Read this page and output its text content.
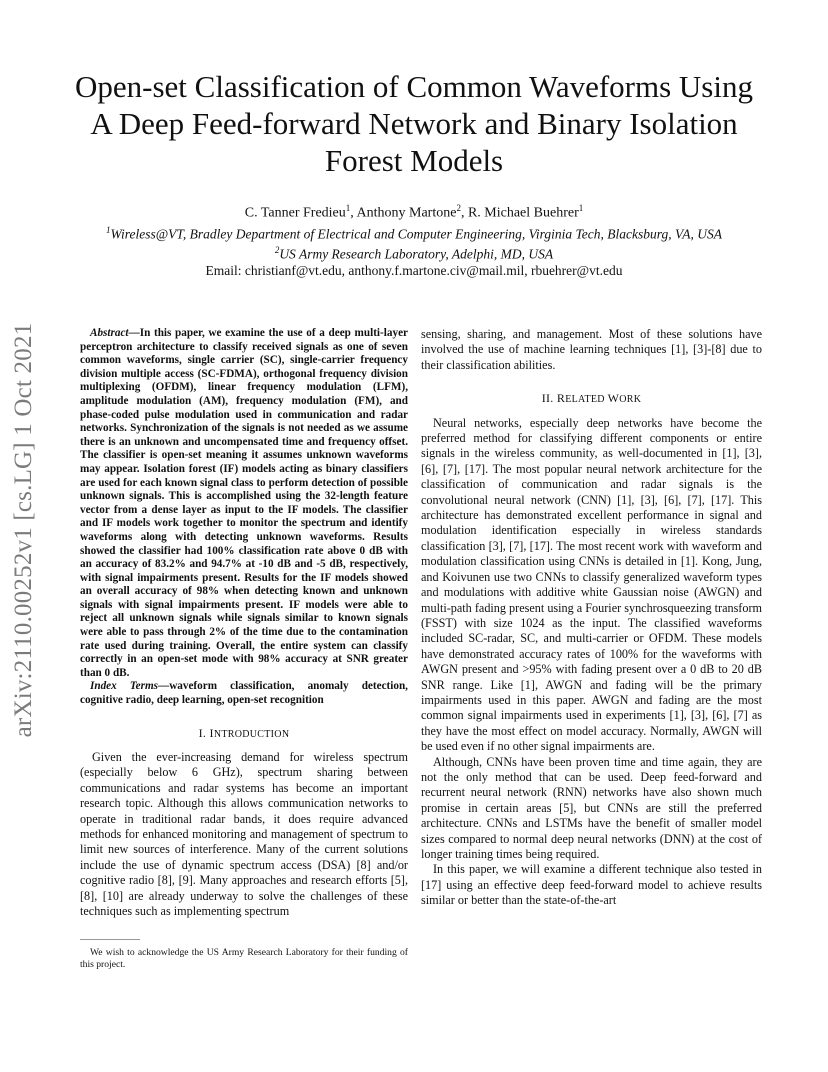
arXiv:2110.00252v1 [cs.LG] 1 Oct 2021
Open-set Classification of Common Waveforms Using A Deep Feed-forward Network and Binary Isolation Forest Models
C. Tanner Fredieu$^1$, Anthony Martone$^2$, R. Michael Buehrer$^1$
$^1$Wireless@VT, Bradley Department of Electrical and Computer Engineering, Virginia Tech, Blacksburg, VA, USA
$^2$US Army Research Laboratory, Adelphi, MD, USA
Email: christianf@vt.edu, anthony.f.martone.civ@mail.mil, rbuehrer@vt.edu

Abstract—In this paper, we examine the use of a deep multi-layer perceptron architecture to classify received signals as one of seven common waveforms, single carrier (SC), single-carrier frequency division multiple access (SC-FDMA), orthogonal frequency division multiplexing (OFDM), linear frequency modulation (LFM), amplitude modulation (AM), frequency modulation (FM), and phase-coded pulse modulation used in communication and radar networks. Synchronization of the signals is not needed as we assume there is an unknown and uncompensated time and frequency offset. The classifier is open-set meaning it assumes unknown waveforms may appear. Isolation forest (IF) models acting as binary classifiers are used for each known signal class to perform detection of possible unknown signals. This is accomplished using the 32-length feature vector from a dense layer as input to the IF models. The classifier and IF models work together to monitor the spectrum and identify waveforms along with detecting unknown waveforms. Results showed the classifier had 100% classification rate above 0 dB with an accuracy of 83.2% and 94.7% at -10 dB and -5 dB, respectively, with signal impairments present. Results for the IF models showed an overall accuracy of 98% when detecting known and unknown signals with signal impairments present. IF models were able to reject all unknown signals while signals similar to known signals were able to pass through 2% of the time due to the contamination rate used during training. Overall, the entire system can classify correctly in an open-set mode with 98% accuracy at SNR greater than 0 dB.

Index Terms—waveform classification, anomaly detection, cognitive radio, deep learning, open-set recognition

I. INTRODUCTION

Given the ever-increasing demand for wireless spectrum (especially below 6 GHz), spectrum sharing between communications and radar systems has become an important research topic. Although this allows communication networks to operate in traditional radar bands, it does require advanced methods for enhanced monitoring and management of spectrum to limit new sources of interference. Many of the current solutions include the use of dynamic spectrum access (DSA) [8] and/or cognitive radio [8], [9]. Many approaches and research efforts [5], [8], [10] are already underway to solve the challenges of these techniques such as implementing spectrum

We wish to acknowledge the US Army Research Laboratory for their funding of this project.

sensing, sharing, and management. Most of these solutions have involved the use of machine learning techniques [1], [3]-[8] due to their classification abilities.

II. RELATED WORK

Neural networks, especially deep networks have become the preferred method for classifying different components or entire signals in the wireless community, as well-documented in [1], [3], [6], [7], [17]. The most popular neural network architecture for the classification of communication and radar signals is the convolutional neural network (CNN) [1], [3], [6], [7], [17]. This architecture has demonstrated excellent performance in signal and modulation identification especially in wireless standards classification [3], [7], [17]. The most recent work with waveform and modulation classification using CNNs is detailed in [1]. Kong, Jung, and Koivunen use two CNNs to classify generalized waveform types and modulations with additive white Gaussian noise (AWGN) and multi-path fading present using a Fourier synchrosqueezing transform (FSST) with size 1024 as the input. The classified waveforms included SC-radar, SC, and multi-carrier or OFDM. These models have demonstrated accuracy rates of 100% for the waveforms with AWGN present and >95% with fading present over a 0 dB to 20 dB SNR range. Like [1], AWGN and fading will be the primary impairments used in this paper. AWGN and fading are the most common signal impairments used in experiments [1], [3], [6], [7] as they have the most effect on model accuracy. Normally, AWGN will be used even if no other signal impairments are.

Although, CNNs have been proven time and time again, they are not the only method that can be used. Deep feed-forward and recurrent neural network (RNN) networks have also shown much promise in certain areas [5], but CNNs are still the preferred architecture. CNNs and LSTMs have the benefit of smaller model sizes compared to normal deep neural networks (DNN) at the cost of longer training times being required.

In this paper, we will examine a different technique also tested in [17] using an effective deep feed-forward model to achieve results similar or better than the state-of-the-art
